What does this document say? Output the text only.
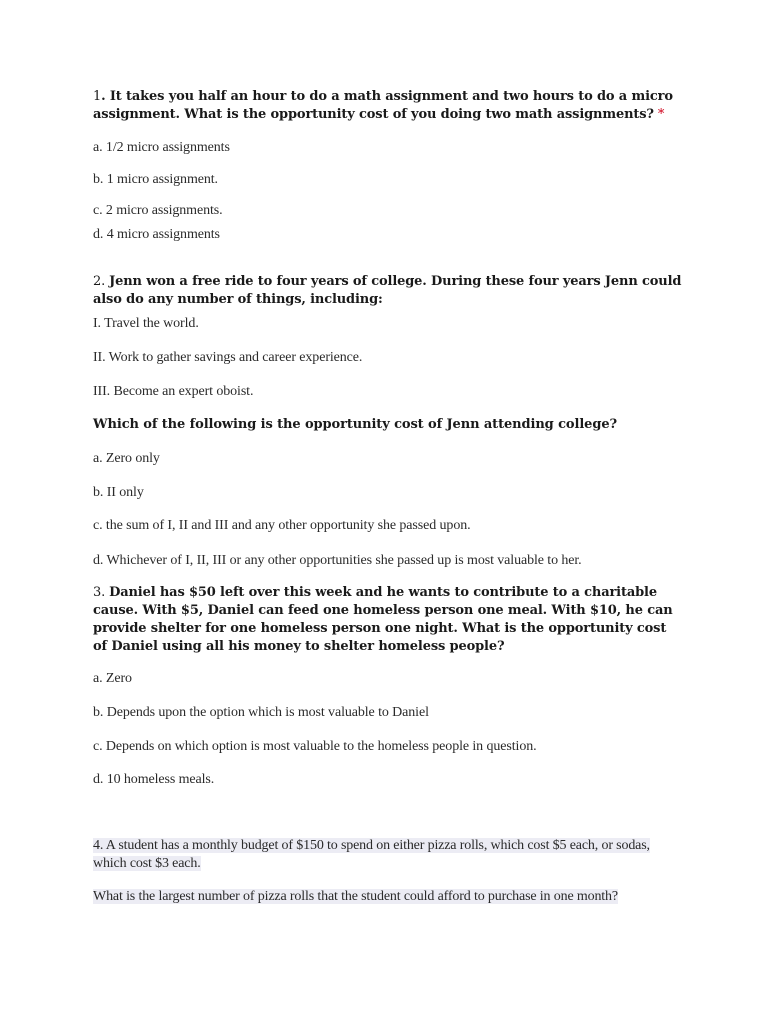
1. It takes you half an hour to do a math assignment and two hours to do a micro assignment. What is the opportunity cost of you doing two math assignments? *
a. 1/2 micro assignments
b. 1 micro assignment.
c. 2 micro assignments.
d. 4 micro assignments
2. Jenn won a free ride to four years of college. During these four years Jenn could also do any number of things, including:
I. Travel the world.
II. Work to gather savings and career experience.
III. Become an expert oboist.
Which of the following is the opportunity cost of Jenn attending college?
a. Zero only
b. II only
c. the sum of I, II and III and any other opportunity she passed upon.
d. Whichever of I, II, III or any other opportunities she passed up is most valuable to her.
3. Daniel has $50 left over this week and he wants to contribute to a charitable cause. With $5, Daniel can feed one homeless person one meal. With $10, he can provide shelter for one homeless person one night. What is the opportunity cost of Daniel using all his money to shelter homeless people?
a. Zero
b. Depends upon the option which is most valuable to Daniel
c. Depends on which option is most valuable to the homeless people in question.
d. 10 homeless meals.
4. A student has a monthly budget of $150 to spend on either pizza rolls, which cost $5 each, or sodas, which cost $3 each.
What is the largest number of pizza rolls that the student could afford to purchase in one month?
